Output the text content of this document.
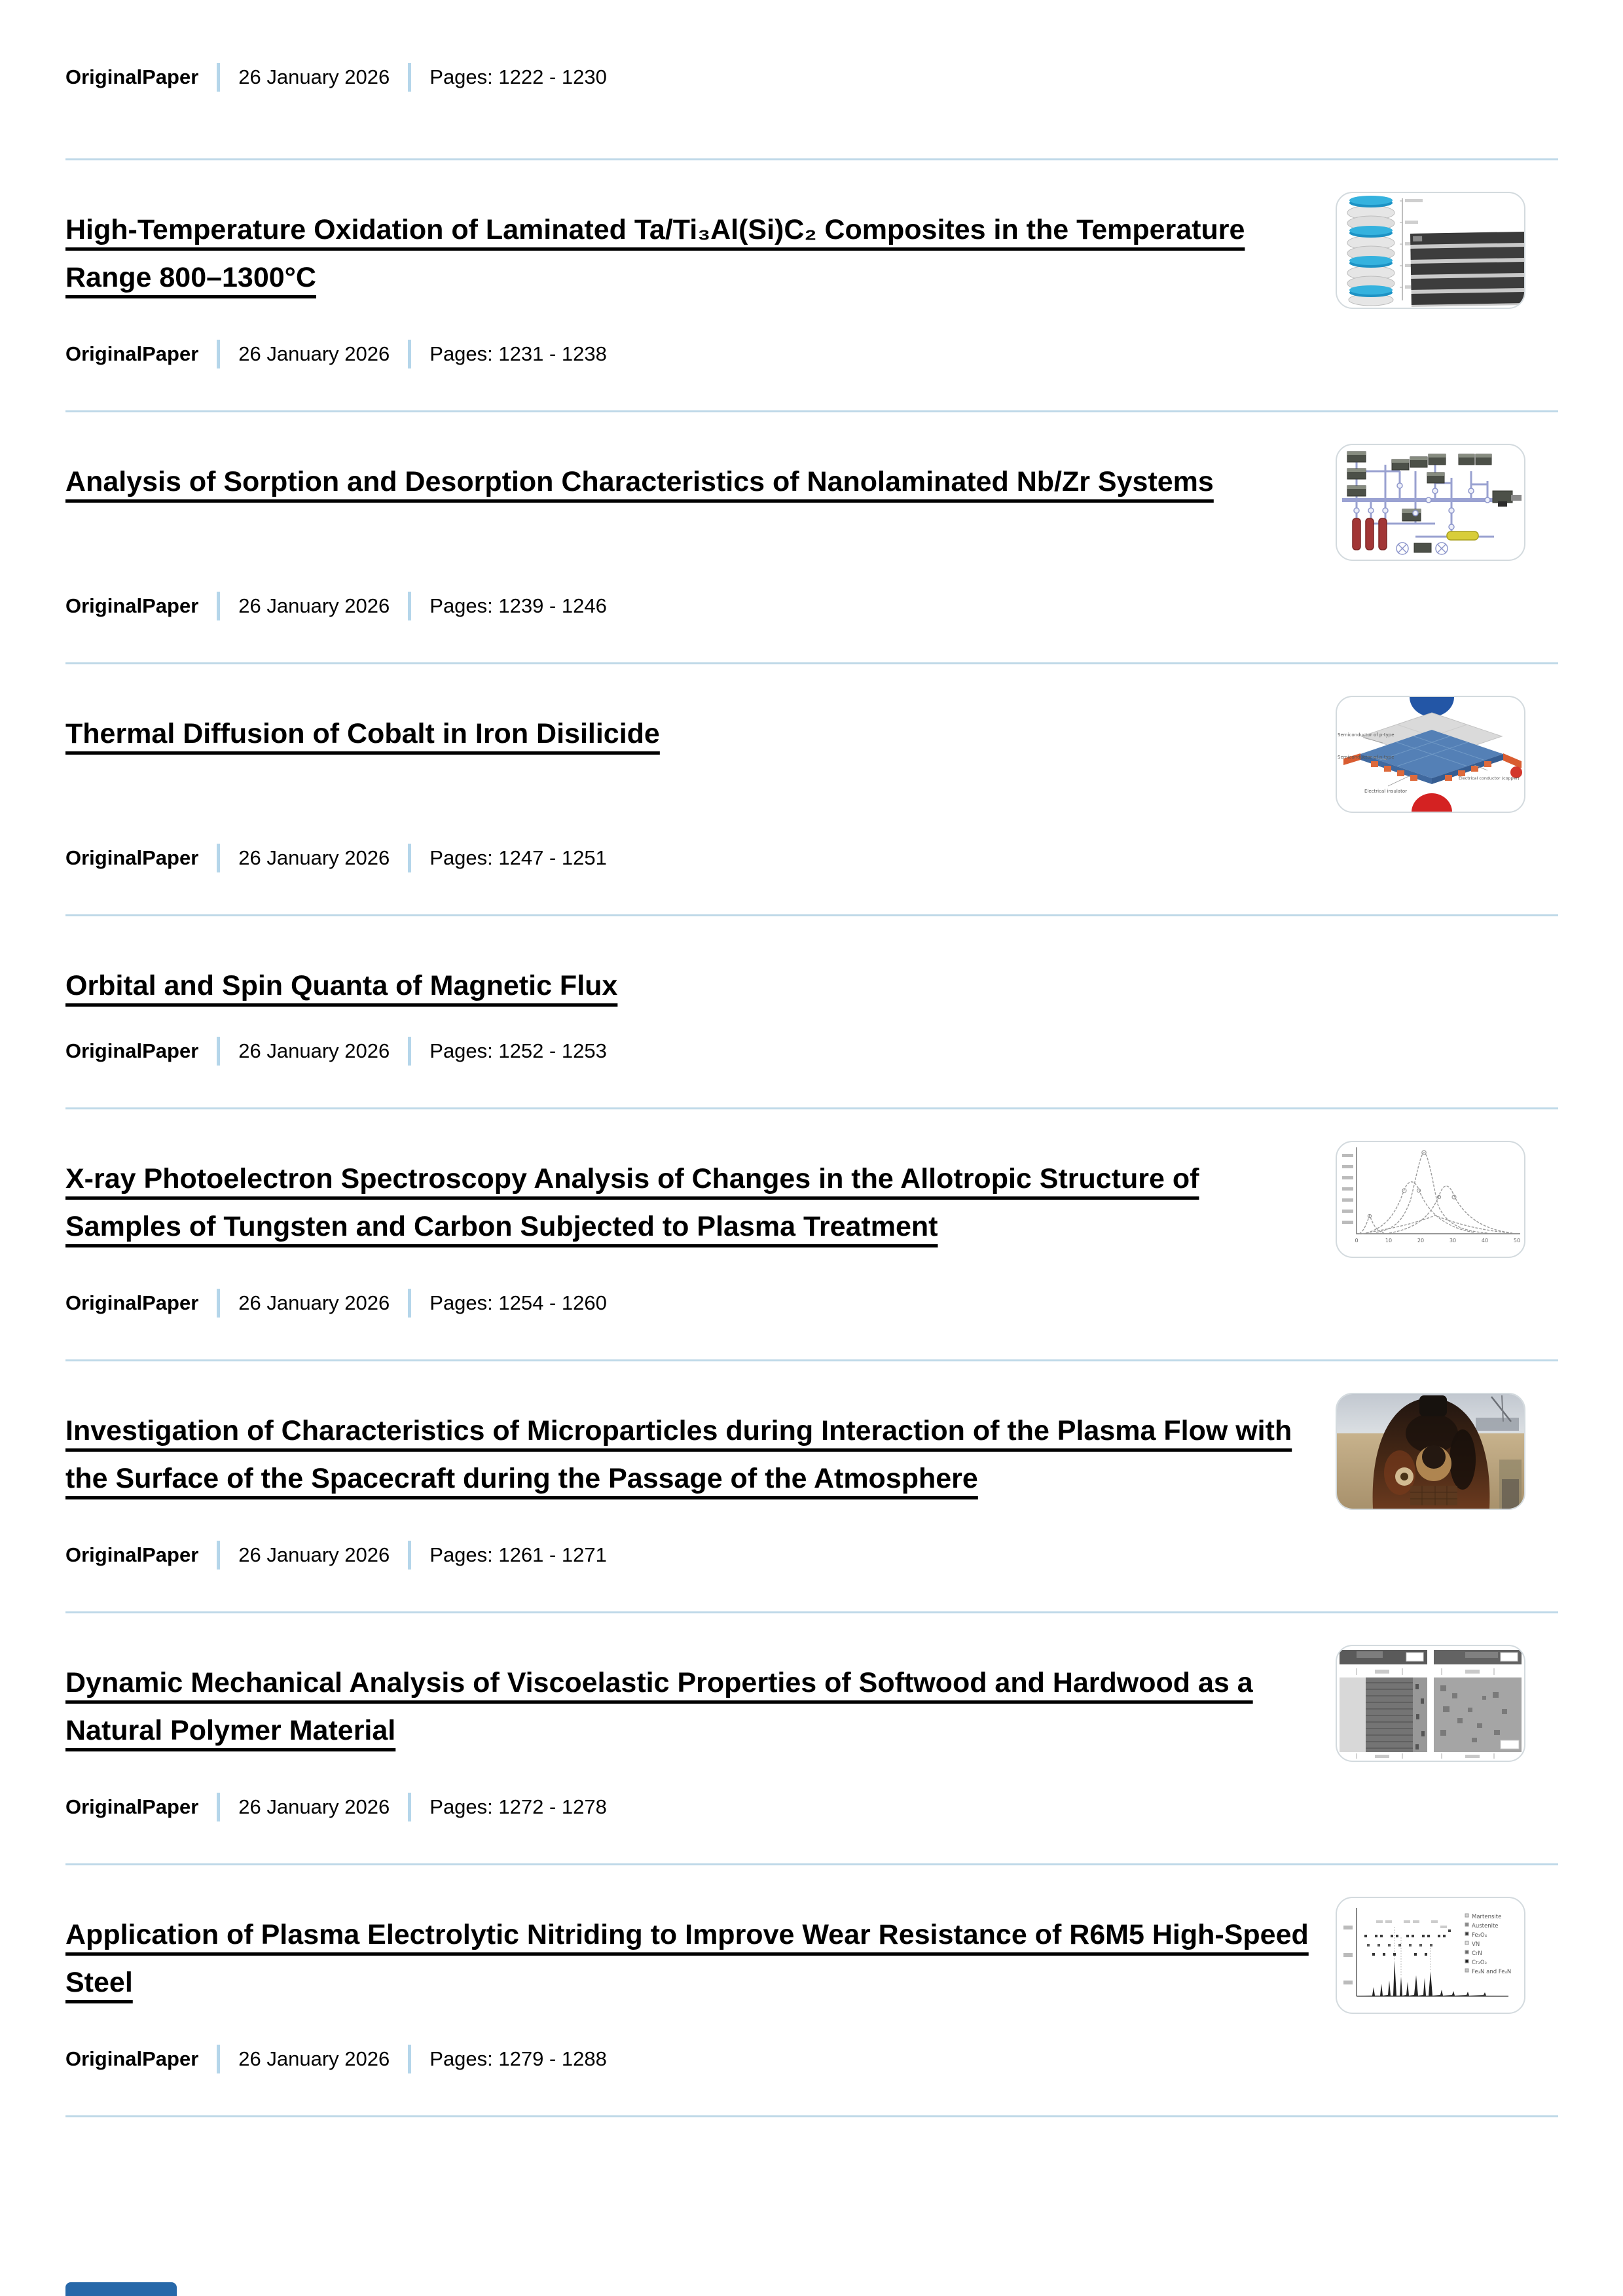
OriginalPaper 26 January 2026 Pages: 1222 - 1230
High-Temperature Oxidation of Laminated Ta/Ti₃Al(Si)C₂ Composites in the Temperature Range 800–1300°C
OriginalPaper 26 January 2026 Pages: 1231 - 1238
Analysis of Sorption and Desorption Characteristics of Nanolaminated Nb/Zr Systems
OriginalPaper 26 January 2026 Pages: 1239 - 1246
Thermal Diffusion of Cobalt in Iron Disilicide	Semiconductor of p-type
Semiconductor of n-type
Electrical insulator
Electrical conductor (copper)
OriginalPaper 26 January 2026 Pages: 1247 - 1251
Orbital and Spin Quanta of Magnetic Flux
OriginalPaper 26 January 2026 Pages: 1252 - 1253
X-ray Photoelectron Spectroscopy Analysis of Changes in the Allotropic Structure of Samples of Tungsten and Carbon Subjected to Plasma Treatment	0	10	20	30	40	50
OriginalPaper 26 January 2026 Pages: 1254 - 1260
Investigation of Characteristics of Microparticles during Interaction of the Plasma Flow with the Surface of the Spacecraft during the Passage of the Atmosphere
OriginalPaper 26 January 2026 Pages: 1261 - 1271
Dynamic Mechanical Analysis of Viscoelastic Properties of Softwood and Hardwood as a Natural Polymer Material
OriginalPaper 26 January 2026 Pages: 1272 - 1278
Application of Plasma Electrolytic Nitriding to Improve Wear Resistance of R6M5 High-Speed Steel
Martensite
Austenite
Fe₃O₄
VN
CrN
Cr₂O₃
Fe₃N and Fe₄N
OriginalPaper 26 January 2026 Pages: 1279 - 1288
